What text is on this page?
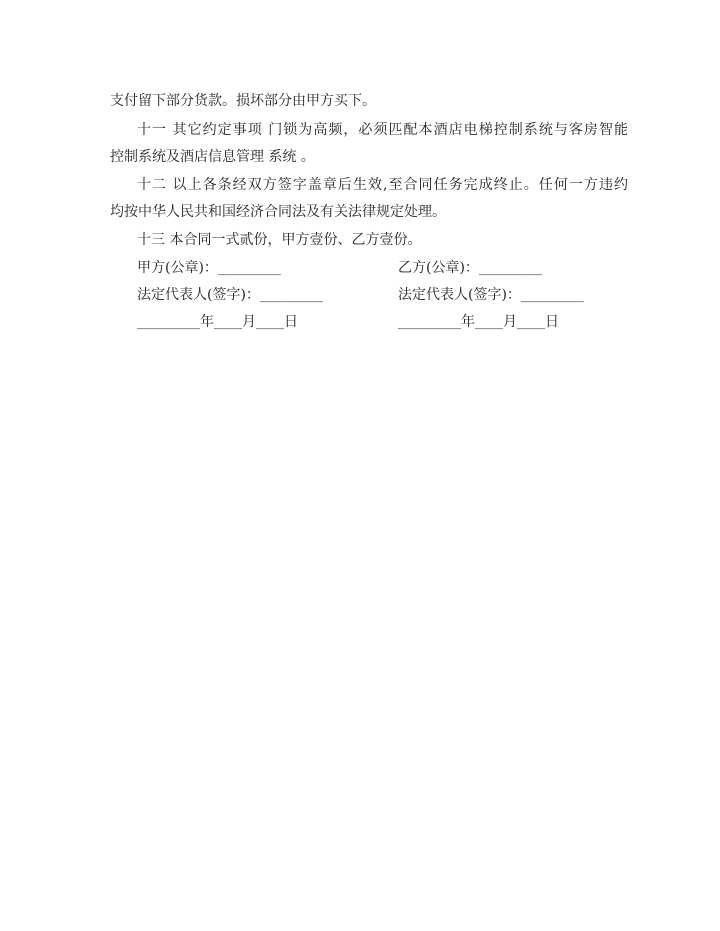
支付留下部分货款。损坏部分由甲方买下。
十一 其它约定事项 门锁为高频，必须匹配本酒店电梯控制系统与客房智能
控制系统及酒店信息管理 系统 。
十二 以上各条经双方签字盖章后生效,至合同任务完成终止。任何一方违约
均按中华人民共和国经济合同法及有关法律规定处理。
十三 本合同一式贰份，甲方壹份、乙方壹份。
甲方(公章)：_________	乙方(公章)：_________
法定代表人(签字)：_________	法定代表人(签字)：_________
_________年____月____日	_________年____月____日
